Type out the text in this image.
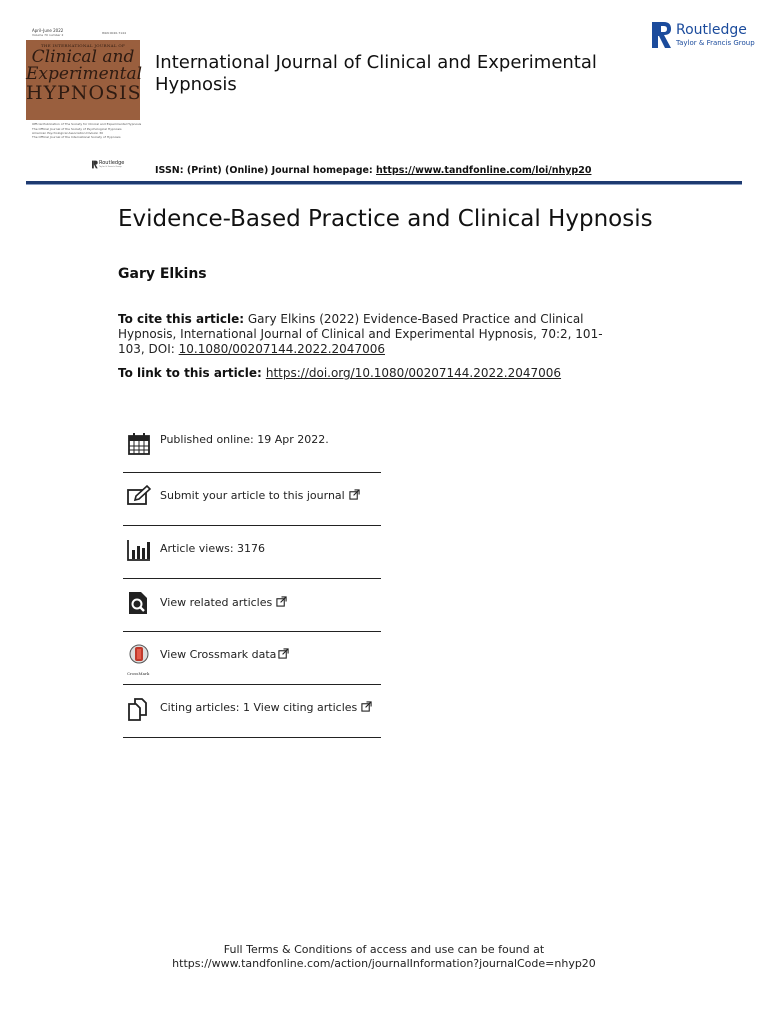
April–June 2022
Volume 70 number 2	ISSN 0020-7144
THE INTERNATIONAL JOURNAL OF
Clinical and
Experimental
HYPNOSIS
Official Publication of The Society for Clinical and Experimental Hypnosis
The Official Journal of the Society of Psychological Hypnosis
American Psychological Association Division 30
The Official Journal of the International Society of Hypnosis
International Journal of Clinical and Experimental Hypnosis
Routledge
Taylor & Francis Group
Routledge
Taylor & Francis Group	ISSN: (Print) (Online) Journal homepage: https://www.tandfonline.com/loi/nhyp20
Evidence-Based Practice and Clinical Hypnosis
Gary Elkins
To cite this article: Gary Elkins (2022) Evidence-Based Practice and Clinical Hypnosis, International Journal of Clinical and Experimental Hypnosis, 70:2, 101-103, DOI: 10.1080/00207144.2022.2047006
To link to this article: https://doi.org/10.1080/00207144.2022.2047006
Published online: 19 Apr 2022.
Submit your article to this journal
Article views: 3176
View related articles
CrossMark
View Crossmark data
Citing articles: 1 View citing articles
Full Terms & Conditions of access and use can be found at
https://www.tandfonline.com/action/journalInformation?journalCode=nhyp20
